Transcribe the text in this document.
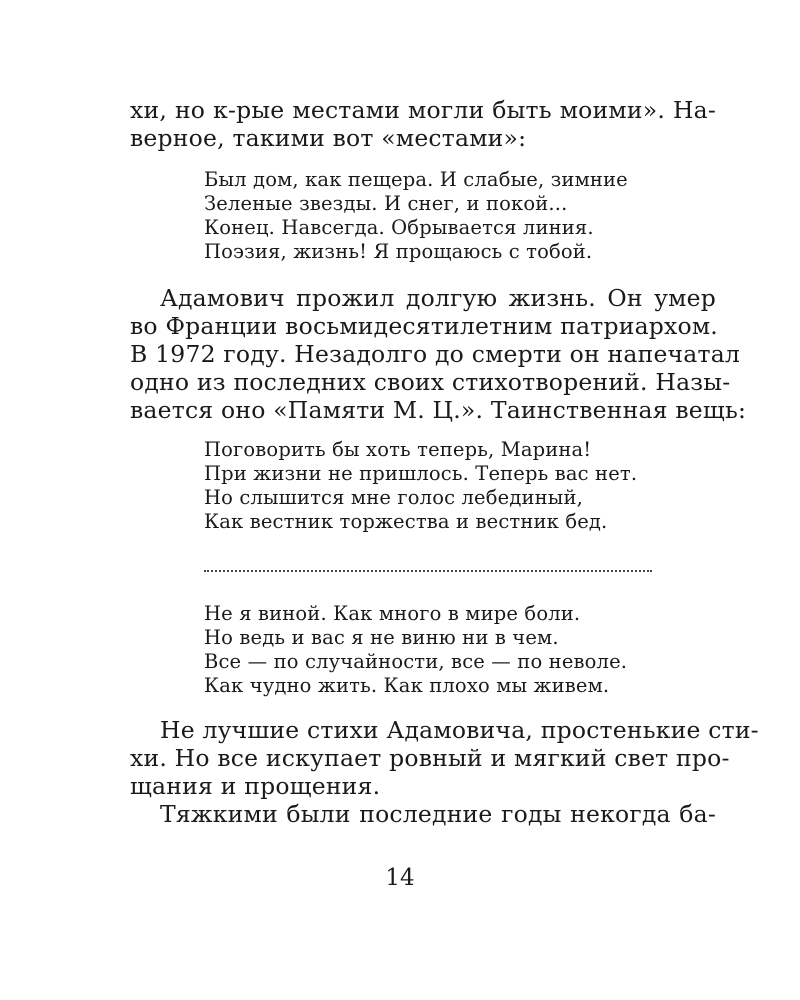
хи, но к-рые местами могли быть моими». На-
верное, такими вот «местами»:
Был дом, как пещера. И слабые, зимние
Зеленые звезды. И снег, и покой...
Конец. Навсегда. Обрывается линия.
Поэзия, жизнь! Я прощаюсь с тобой.
Адамович прожил долгую жизнь. Он умер
во Франции восьмидесятилетним патриархом.
В 1972 году. Незадолго до смерти он напечатал
одно из последних своих стихотворений. Назы-
вается оно «Памяти М. Ц.». Таинственная вещь:
Поговорить бы хоть теперь, Марина!
При жизни не пришлось. Теперь вас нет.
Но слышится мне голос лебединый,
Как вестник торжества и вестник бед.
Не я виной. Как много в мире боли.
Но ведь и вас я не виню ни в чем.
Все — по случайности, все — по неволе.
Как чудно жить. Как плохо мы живем.
Не лучшие стихи Адамовича, простенькие сти-
хи. Но все искупает ровный и мягкий свет про-
щания и прощения.
Тяжкими были последние годы некогда ба-
14
